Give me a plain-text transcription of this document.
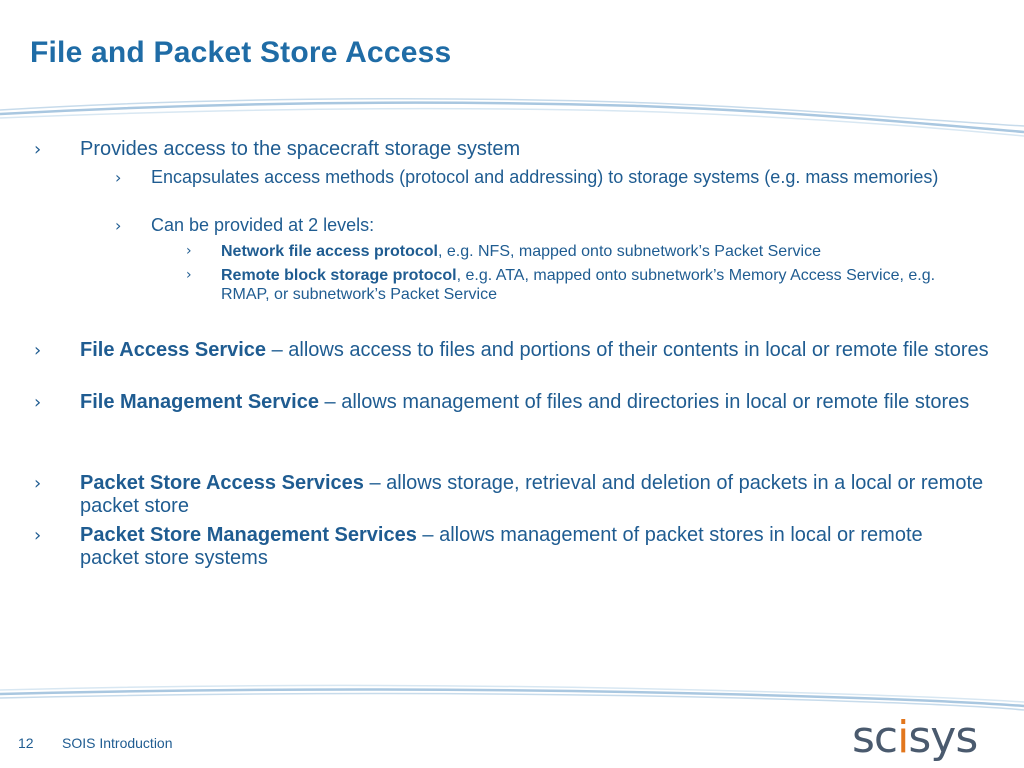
File and Packet Store Access
›	Provides access to the spacecraft storage system
›	Encapsulates access methods (protocol and addressing) to storage systems (e.g. mass memories)
›	Can be provided at 2 levels:
›	Network file access protocol, e.g. NFS, mapped onto subnetwork’s Packet Service
›	Remote block storage protocol, e.g. ATA, mapped onto subnetwork’s Memory Access Service, e.g. RMAP, or subnetwork’s Packet Service
›	File Access Service – allows access to files and portions of their contents in local or remote file stores
›	File Management Service – allows management of files and directories in local or remote file stores
›	Packet Store Access Services – allows storage, retrieval and deletion of packets in a local or remote packet store
›	Packet Store Management Services – allows management of packet stores in local or remote packet store systems
12 SOIS Introduction	scisys
